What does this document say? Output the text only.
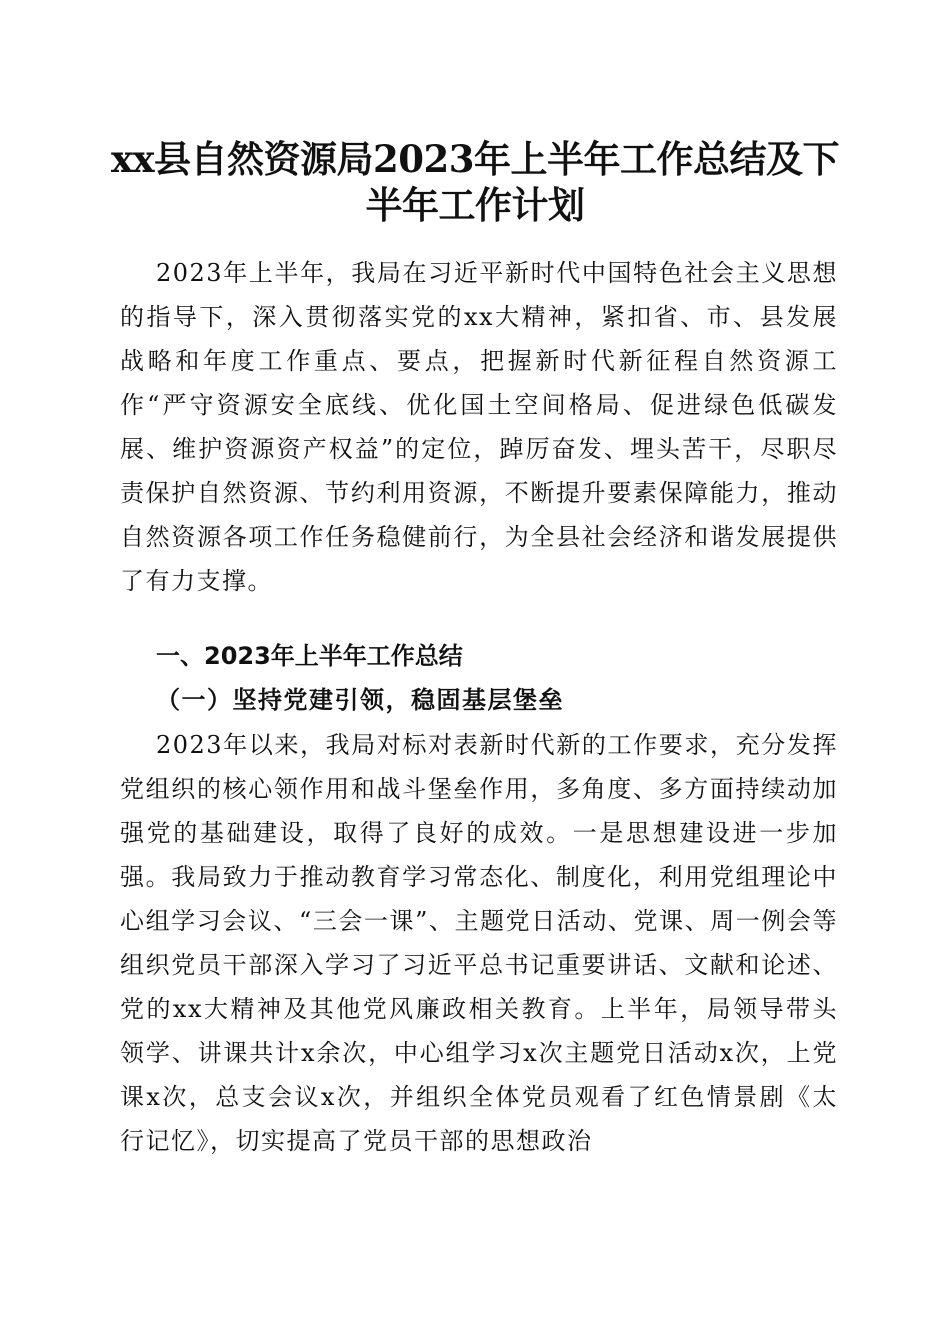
xx县自然资源局2023年上半年工作总结及下半年工作计划

2023年上半年，我局在习近平新时代中国特色社会主义思想的指导下，深入贯彻落实党的xx大精神，紧扣省、市、县发展战略和年度工作重点、要点，把握新时代新征程自然资源工作“严守资源安全底线、优化国土空间格局、促进绿色低碳发展、维护资源资产权益”的定位，踔厉奋发、埋头苦干，尽职尽责保护自然资源、节约利用资源，不断提升要素保障能力，推动自然资源各项工作任务稳健前行，为全县社会经济和谐发展提供了有力支撑。

一、2023年上半年工作总结
（一）坚持党建引领，稳固基层堡垒

2023年以来，我局对标对表新时代新的工作要求，充分发挥党组织的核心领作用和战斗堡垒作用，多角度、多方面持续动加强党的基础建设，取得了良好的成效。一是思想建设进一步加强。我局致力于推动教育学习常态化、制度化，利用党组理论中心组学习会议、“三会一课”、主题党日活动、党课、周一例会等组织党员干部深入学习了习近平总书记重要讲话、文献和论述、党的xx大精神及其他党风廉政相关教育。上半年，局领导带头领学、讲课共计x余次，中心组学习x次主题党日活动x次，上党课x次，总支会议x次，并组织全体党员观看了红色情景剧《太行记忆》，切实提高了党员干部的思想政治
